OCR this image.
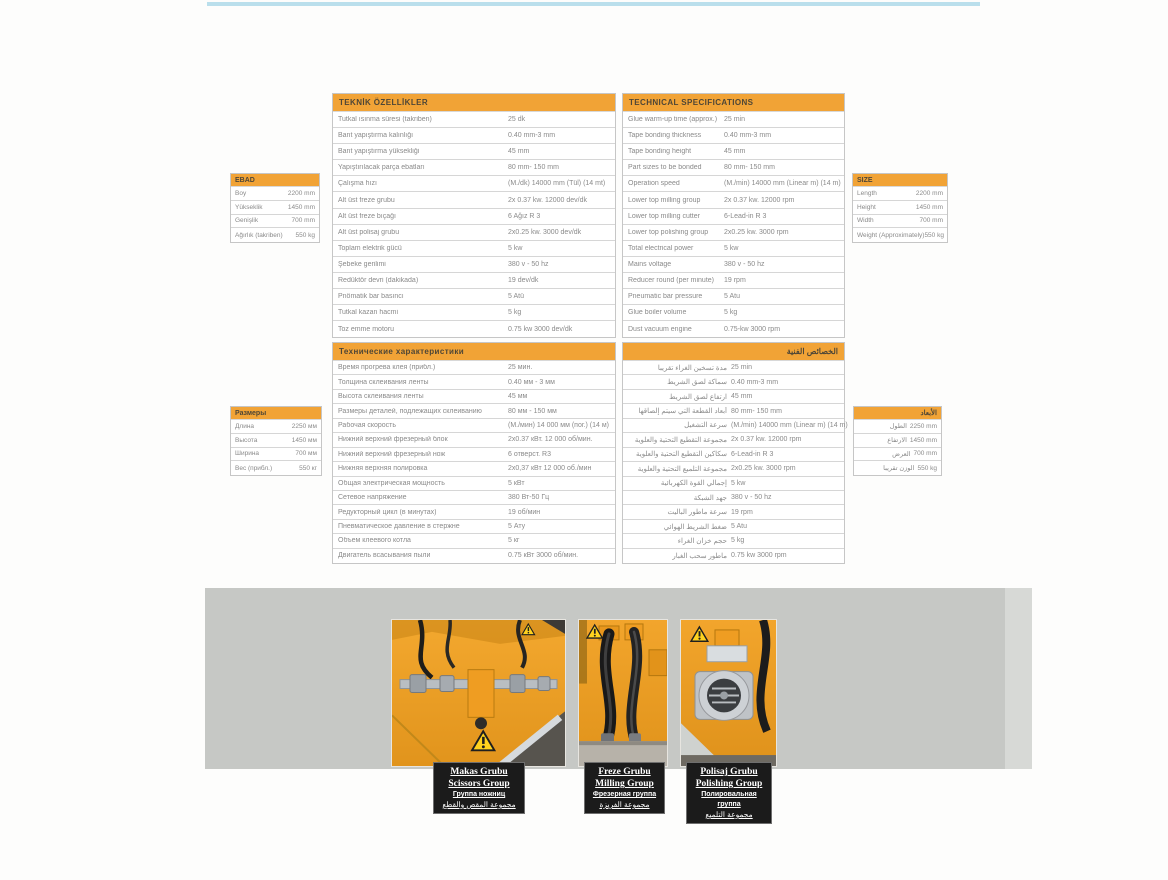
TEKNİK ÖZELLİKLER
Tutkal ısınma süresi (takriben)	25 dk
Bant yapıştırma kalınlığı	0.40 mm-3 mm
Bant yapıştırma yüksekliği	45 mm
Yapıştırılacak parça ebatları	80 mm- 150 mm
Çalışma hızı	(M./dk) 14000 mm (Tül) (14 mt)
Alt üst freze grubu	2x 0.37 kw. 12000 dev/dk
Alt üst freze bıçağı	6 Ağız R 3
Alt üst polisaj grubu	2x0.25 kw. 3000 dev/dk
Toplam elektrik gücü	5 kw
Şebeke gerilimi	380 v - 50 hz
Redüktör devri (dakikada)	19 dev/dk
Pnömatik bar basıncı	5 Atü
Tutkal kazan hacmi	5 kg
Toz emme motoru	0.75 kw 3000 dev/dk
TECHNICAL SPECIFICATIONS
Glue warm-up time (approx.) 25 min
Tape bonding thickness	0.40 mm-3 mm
Tape bonding height	45 mm
Part sizes to be bonded	80 mm- 150 mm
Operation speed	(M./min) 14000 mm (Linear m) (14 m)
Lower top milling group	2x 0.37 kw. 12000 rpm
Lower top milling cutter	6-Lead-in R 3
Lower top polishing group	2x0.25 kw. 3000 rpm
Total electrical power	5 kw
Mains voltage	380 v - 50 hz
Reducer round (per minute)	19 rpm
Pneumatic bar pressure	5 Atu
Glue boiler volume	5 kg
Dust vacuum engine	0.75-kw 3000 rpm
Технические характеристики
Время прогрева клея (прибл.)	25 мин.
Толщина склеивания ленты	0.40 мм - 3 мм
Высота склеивания ленты	45 мм
Размеры деталей, подлежащих склеиванию	80 мм - 150 мм
Рабочая скорость	(М./мин) 14 000 мм (пог.) (14 м)
Нижний верхний фрезерный блок	2x0.37 кВт. 12 000 об/мин.
Нижний верхний фрезерный нож	6 отверст. R3
Нижняя верхняя полировка	2x0,37 кВт 12 000 об./мин
Общая электрическая мощность	5 кВт
Сетевое напряжение	380 Вт-50 Гц
Редукторный цикл (в минутах)	19 об/мин
Пневматическое давление в стержне	5 Ату
Объем клеевого котла	5 кг
Двигатель всасывания пыли	0.75 кВт 3000 об/мин.
الخصائص الفنية
مدة تسخين الغراء تقريبا 25 min
سماكة لصق الشريط 0.40 mm-3 mm
ارتفاع لصق الشريط 45 mm
أبعاد القطعة التي سيتم إلصاقها 80 mm- 150 mm
سرعة التشغيل (M./min) 14000 mm (Linear m) (14 m)
مجموعة التقطيع التحتية والعلوية 2x 0.37 kw. 12000 rpm
سكاكين التقطيع التحتية والعلوية 6-Lead-in R 3
مجموعة التلميع التحتية والعلوية 2x0.25 kw. 3000 rpm
إجمالي القوة الكهربائية 5 kw
جهد الشبكة 380 v - 50 hz
سرعة ماطور الباليت 19 rpm
ضغط الشريط الهوائي 5 Atu
حجم خزان الغراء 5 kg
ماطور سحب الغبار 0.75 kw 3000 rpm
EBAD
Boy	2200 mm
Yükseklik	1450 mm
Genişlik	700 mm
Ağırlık (takriben) 550 kg
SIZE
Length	2200 mm
Height	1450 mm
Width	700 mm
Weight (Approximately) 550 kg
Размеры
Длина	2250 мм
Высота	1450 мм
Ширина	700 мм
Вес (прибл.)	550 кг
الأبعاد
الطول 2250 mm
الارتفاع 1450 mm
العرض 700 mm
الوزن تقريبا 550 kg
Makas Grubu
Scissors Group
Группа ножниц
مجموعة المقص والقطع
Freze Grubu
Milling Group
Фрезерная группа
مجموعة الفريزة
Polisaj Grubu
Polishing Group
Полировальная группа
مجموعة التلميع
